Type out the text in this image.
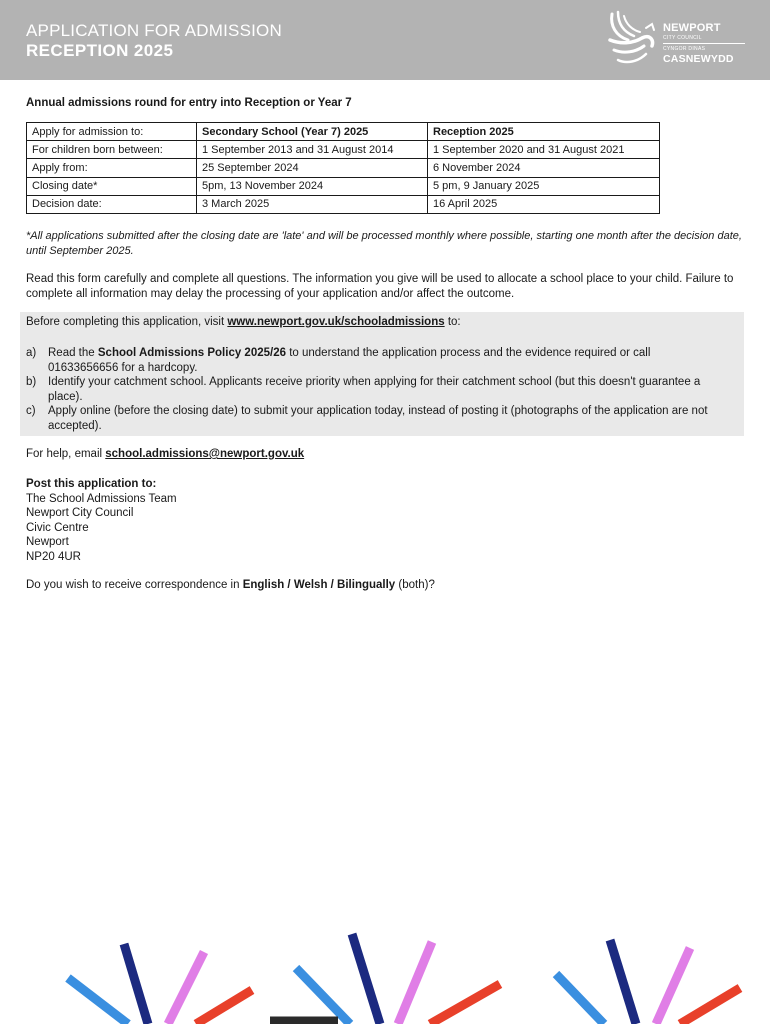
APPLICATION FOR ADMISSION
RECEPTION 2025
NEWPORT
CITY COUNCIL
CYNGOR DINAS
CASNEWYDD
Annual admissions round for entry into Reception or Year 7
Apply for admission to:	Secondary School (Year 7) 2025	Reception 2025
For children born between:	1 September 2013 and 31 August 2014	1 September 2020 and 31 August 2021
Apply from:	25 September 2024	6 November 2024
Closing date*	5pm, 13 November 2024	5 pm, 9 January 2025
Decision date:	3 March 2025	16 April 2025
*All applications submitted after the closing date are 'late' and will be processed monthly where possible, starting one month after the decision date, until September 2025.
Read this form carefully and complete all questions. The information you give will be used to allocate a school place to your child. Failure to complete all information may delay the processing of your application and/or affect the outcome.
Before completing this application, visit www.newport.gov.uk/schooladmissions to:
a)	Read the School Admissions Policy 2025/26 to understand the application process and the evidence required or call 01633656656 for a hardcopy.
b)	Identify your catchment school. Applicants receive priority when applying for their catchment school (but this doesn't guarantee a place).
c)	Apply online (before the closing date) to submit your application today, instead of posting it (photographs of the application are not accepted).
For help, email school.admissions@newport.gov.uk
Post this application to:
The School Admissions Team
Newport City Council
Civic Centre
Newport
NP20 4UR
Do you wish to receive correspondence in English / Welsh / Bilingually (both)?
